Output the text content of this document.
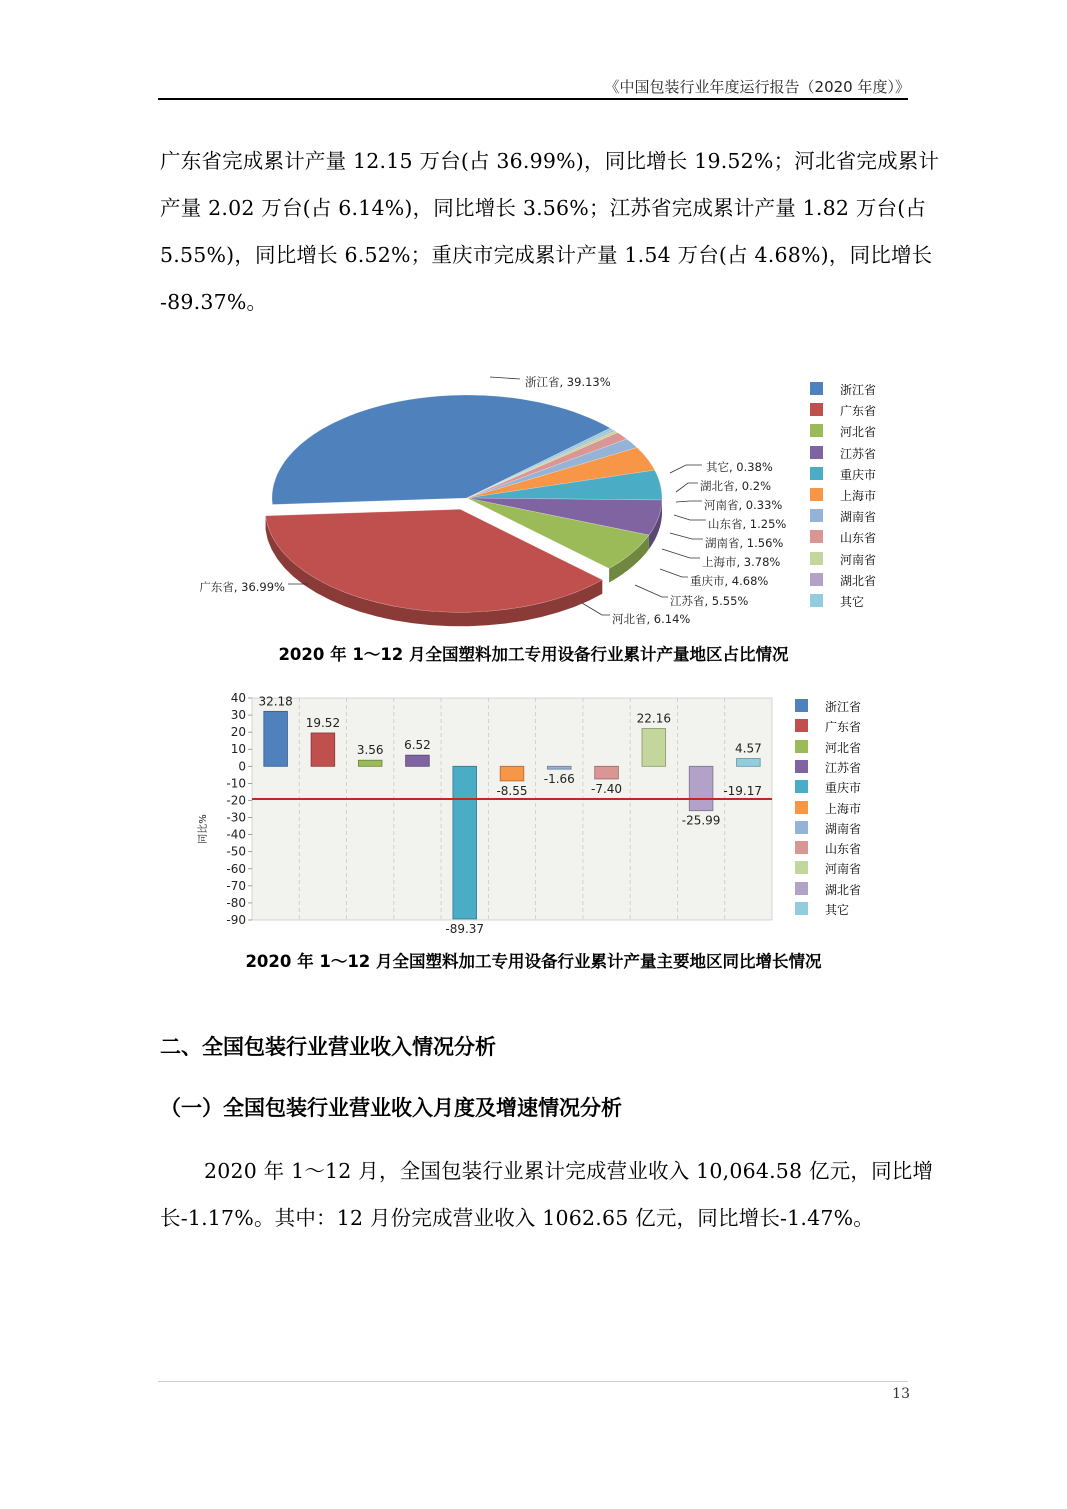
《中国包装行业年度运行报告（2020 年度）》
广东省完成累计产量 12.15 万台(占 36.99%)，同比增长 19.52%；河北省完成累计
产量 2.02 万台(占 6.14%)，同比增长 3.56%；江苏省完成累计产量 1.82 万台(占
5.55%)，同比增长 6.52%；重庆市完成累计产量 1.54 万台(占 4.68%)，同比增长
-89.37%。
浙江省, 39.13%
广东省, 36.99%
河北省, 6.14%
江苏省, 5.55%
重庆市, 4.68%
上海市, 3.78%
湖南省, 1.56%
山东省, 1.25%
河南省, 0.33%
湖北省, 0.2%
其它, 0.38%
浙江省
广东省
河北省
江苏省
重庆市
上海市
湖南省
山东省
河南省
湖北省
其它
2020 年 1～12 月全国塑料加工专用设备行业累计产量地区占比情况
40
30
20
10
0
-10
-20
-30
-40
-50
-60
-70
-80
-90
同比%
32.18
19.52
3.56 6.52
-89.37
-8.55
-1.66
-7.40
22.16
-25.99
4.57
-19.17
浙江省
广东省
河北省
江苏省
重庆市
上海市
湖南省
山东省
河南省
湖北省
其它
2020 年 1～12 月全国塑料加工专用设备行业累计产量主要地区同比增长情况
二、全国包装行业营业收入情况分析
（一）全国包装行业营业收入月度及增速情况分析
2020 年 1～12 月，全国包装行业累计完成营业收入 10,064.58 亿元，同比增
长-1.17%。其中：12 月份完成营业收入 1062.65 亿元，同比增长-1.47%。
13
